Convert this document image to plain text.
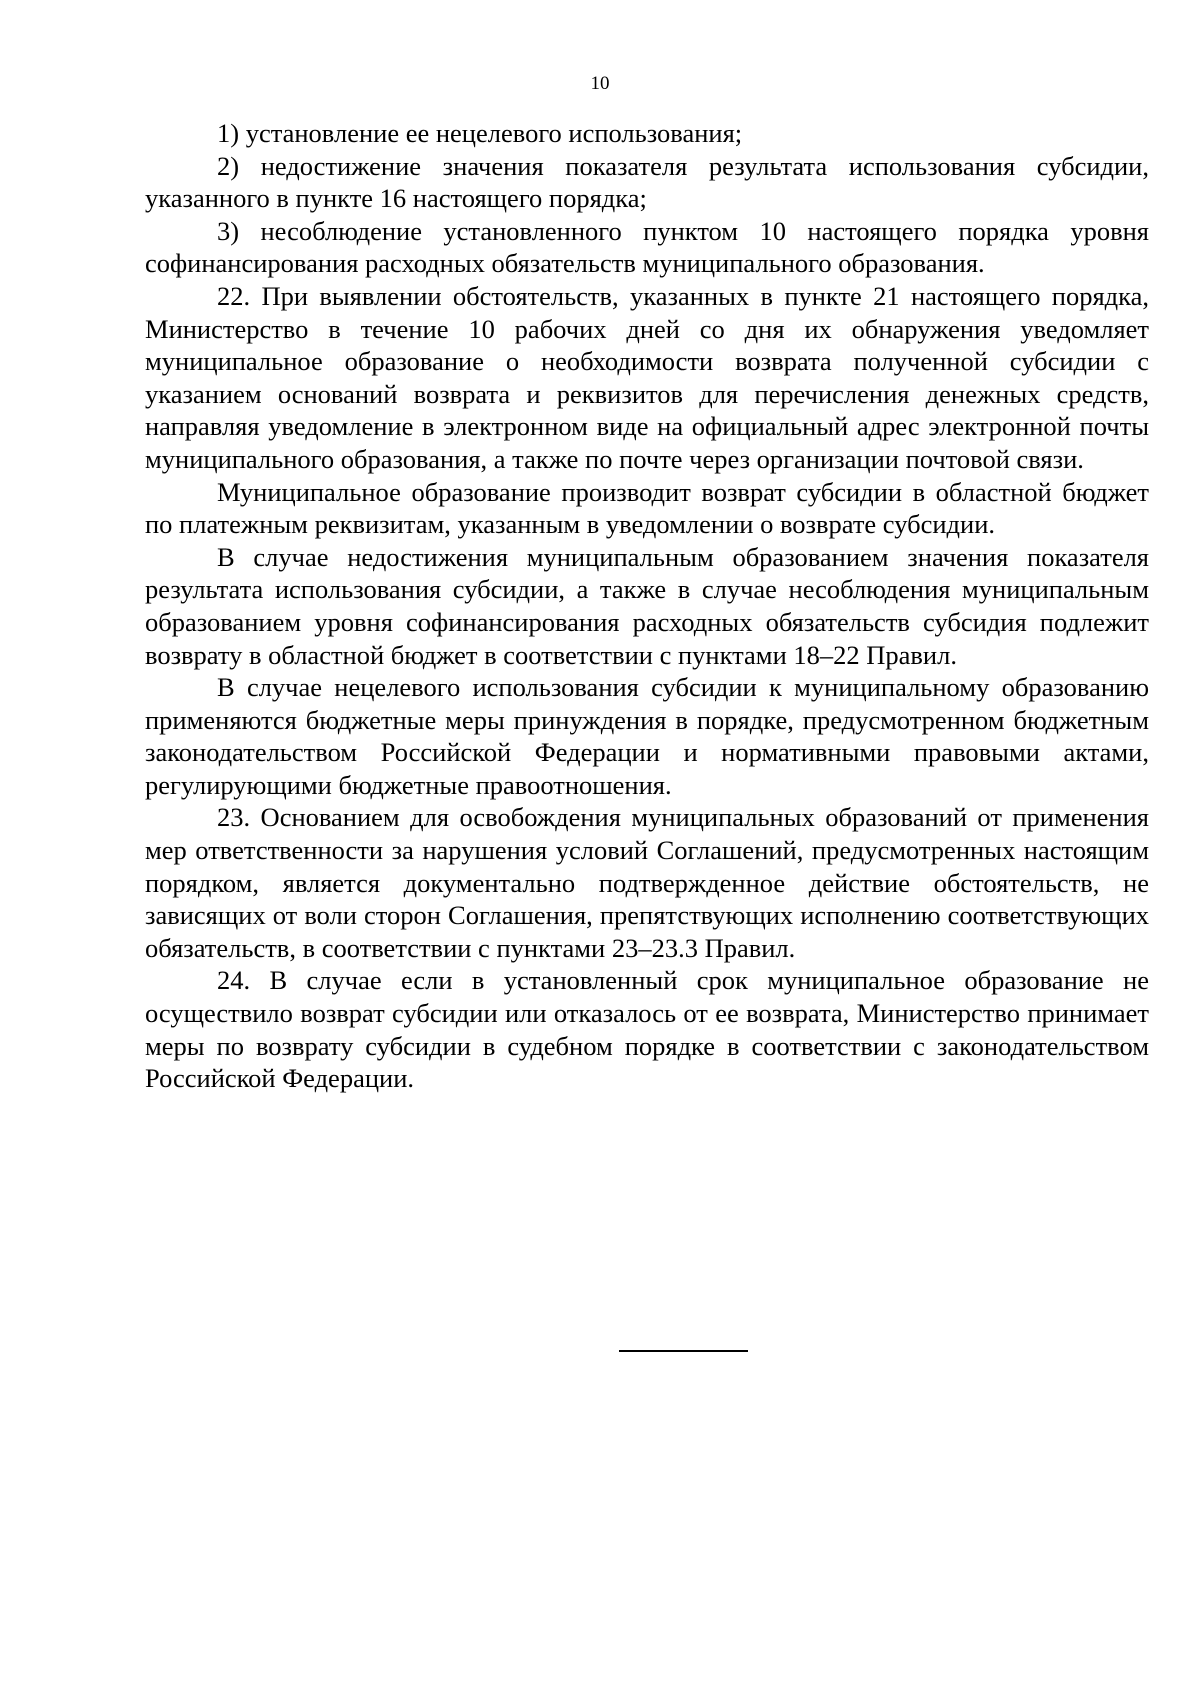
10

1) установление ее нецелевого использования;

2) недостижение значения показателя результата использования субсидии, указанного в пункте 16 настоящего порядка;

3) несоблюдение установленного пунктом 10 настоящего порядка уровня софинансирования расходных обязательств муниципального образования.

22. При выявлении обстоятельств, указанных в пункте 21 настоящего порядка, Министерство в течение 10 рабочих дней со дня их обнаружения уведомляет муниципальное образование о необходимости возврата полученной субсидии с указанием оснований возврата и реквизитов для перечисления денежных средств, направляя уведомление в электронном виде на официальный адрес электронной почты муниципального образования, а также по почте через организации почтовой связи.

Муниципальное образование производит возврат субсидии в областной бюджет по платежным реквизитам, указанным в уведомлении о возврате субсидии.

В случае недостижения муниципальным образованием значения показателя результата использования субсидии, а также в случае несоблюдения муниципальным образованием уровня софинансирования расходных обязательств субсидия подлежит возврату в областной бюджет в соответствии с пунктами 18–22 Правил.

В случае нецелевого использования субсидии к муниципальному образованию применяются бюджетные меры принуждения в порядке, предусмотренном бюджетным законодательством Российской Федерации и нормативными правовыми актами, регулирующими бюджетные правоотношения.

23. Основанием для освобождения муниципальных образований от применения мер ответственности за нарушения условий Соглашений, предусмотренных настоящим порядком, является документально подтвержденное действие обстоятельств, не зависящих от воли сторон Соглашения, препятствующих исполнению соответствующих обязательств, в соответствии с пунктами 23–23.3 Правил.

24. В случае если в установленный срок муниципальное образование не осуществило возврат субсидии или отказалось от ее возврата, Министерство принимает меры по возврату субсидии в судебном порядке в соответствии с законодательством Российской Федерации.
